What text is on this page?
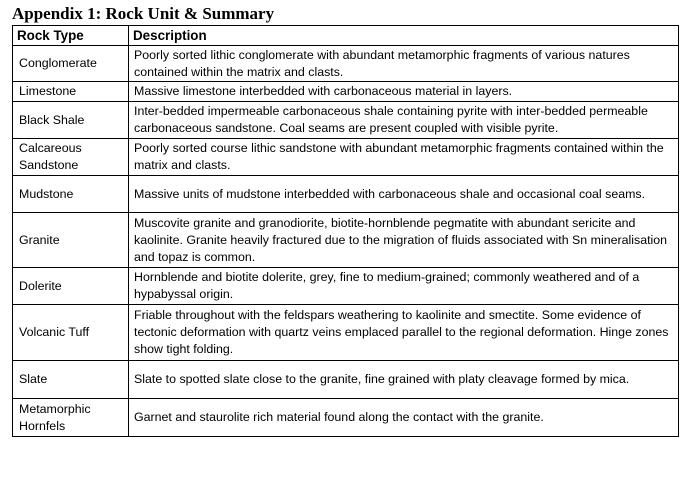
Appendix 1: Rock Unit & Summary
Rock Type	Description
Conglomerate	Poorly sorted lithic conglomerate with abundant metamorphic fragments of various natures contained within the matrix and clasts.
Limestone	Massive limestone interbedded with carbonaceous material in layers.
Black Shale	Inter-bedded impermeable carbonaceous shale containing pyrite with inter-bedded permeable carbonaceous sandstone. Coal seams are present coupled with visible pyrite.
Calcareous Sandstone	Poorly sorted course lithic sandstone with abundant metamorphic fragments contained within the matrix and clasts.
Mudstone	Massive units of mudstone interbedded with carbonaceous shale and occasional coal seams.
Granite	Muscovite granite and granodiorite, biotite-hornblende pegmatite with abundant sericite and kaolinite. Granite heavily fractured due to the migration of fluids associated with Sn mineralisation and topaz is common.
Dolerite	Hornblende and biotite dolerite, grey, fine to medium-grained; commonly weathered and of a hypabyssal origin.
Volcanic Tuff	Friable throughout with the feldspars weathering to kaolinite and smectite. Some evidence of tectonic deformation with quartz veins emplaced parallel to the regional deformation. Hinge zones show tight folding.
Slate	Slate to spotted slate close to the granite, fine grained with platy cleavage formed by mica.
Metamorphic Hornfels	Garnet and staurolite rich material found along the contact with the granite.
